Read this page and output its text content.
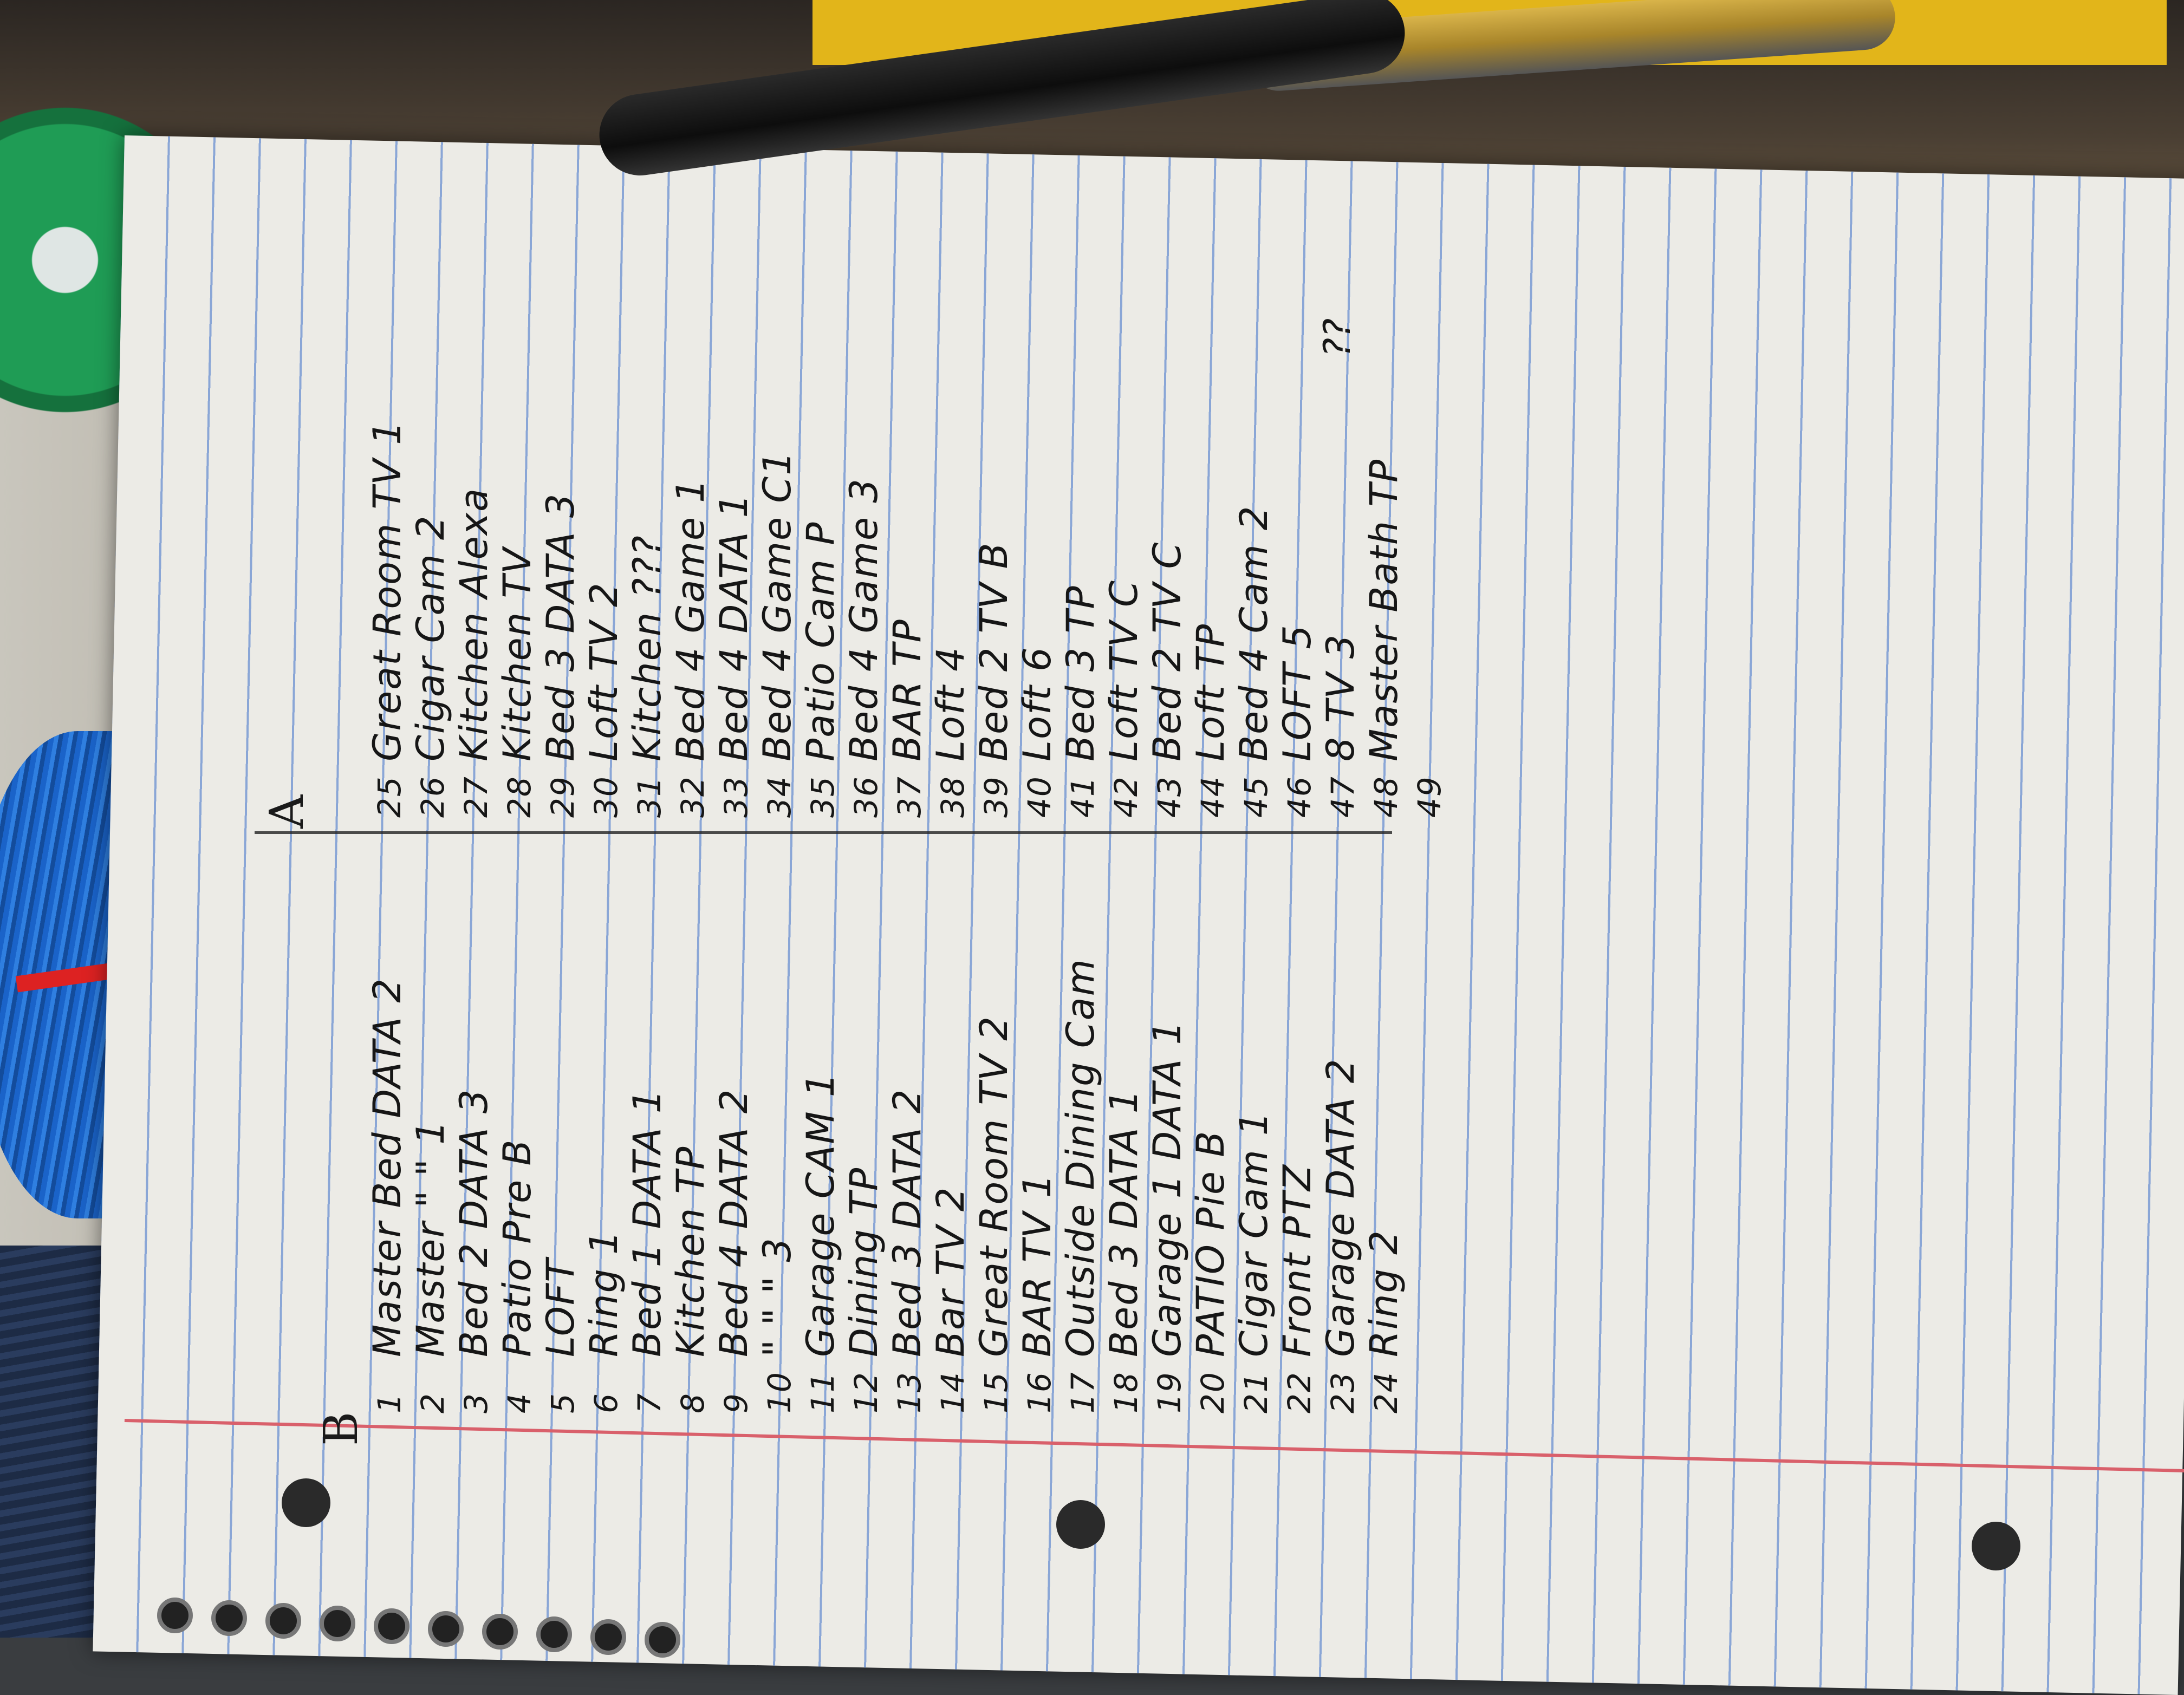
B
A
1Master Bed DATA 2
2Master " " 1
3Bed 2 DATA 3
4Patio Pre B
5LOFT
6Ring 1
7Bed 1 DATA 1
8Kitchen TP
9Bed 4 DATA 2
10" " " 3
11Garage CAM 1
12Dining TP
13Bed 3 DATA 2
14Bar TV 2
15Great Room TV 2
16BAR TV 1
17Outside Dining Cam
18Bed 3 DATA 1
19Garage 1 DATA 1
20PATIO Pie B
21Cigar Cam 1
22Front PTZ
23Garage DATA 2
24Ring 2
25Great Room TV 1
26Cigar Cam 2
27Kitchen Alexa
28Kitchen TV
29Bed 3 DATA 3
30Loft TV 2
31Kitchen ???
32Bed 4 Game 1
33Bed 4 DATA 1
34Bed 4 Game C1
35Patio Cam P
36Bed 4 Game 3
37BAR TP
38Loft 4
39Bed 2 TV B
40Loft 6
41Bed 3 TP
42Loft TV C
43Bed 2 TV C
44Loft TP
45Bed 4 Cam 2
46LOFT 5
478 TV 3
48Master Bath TP
49
??
